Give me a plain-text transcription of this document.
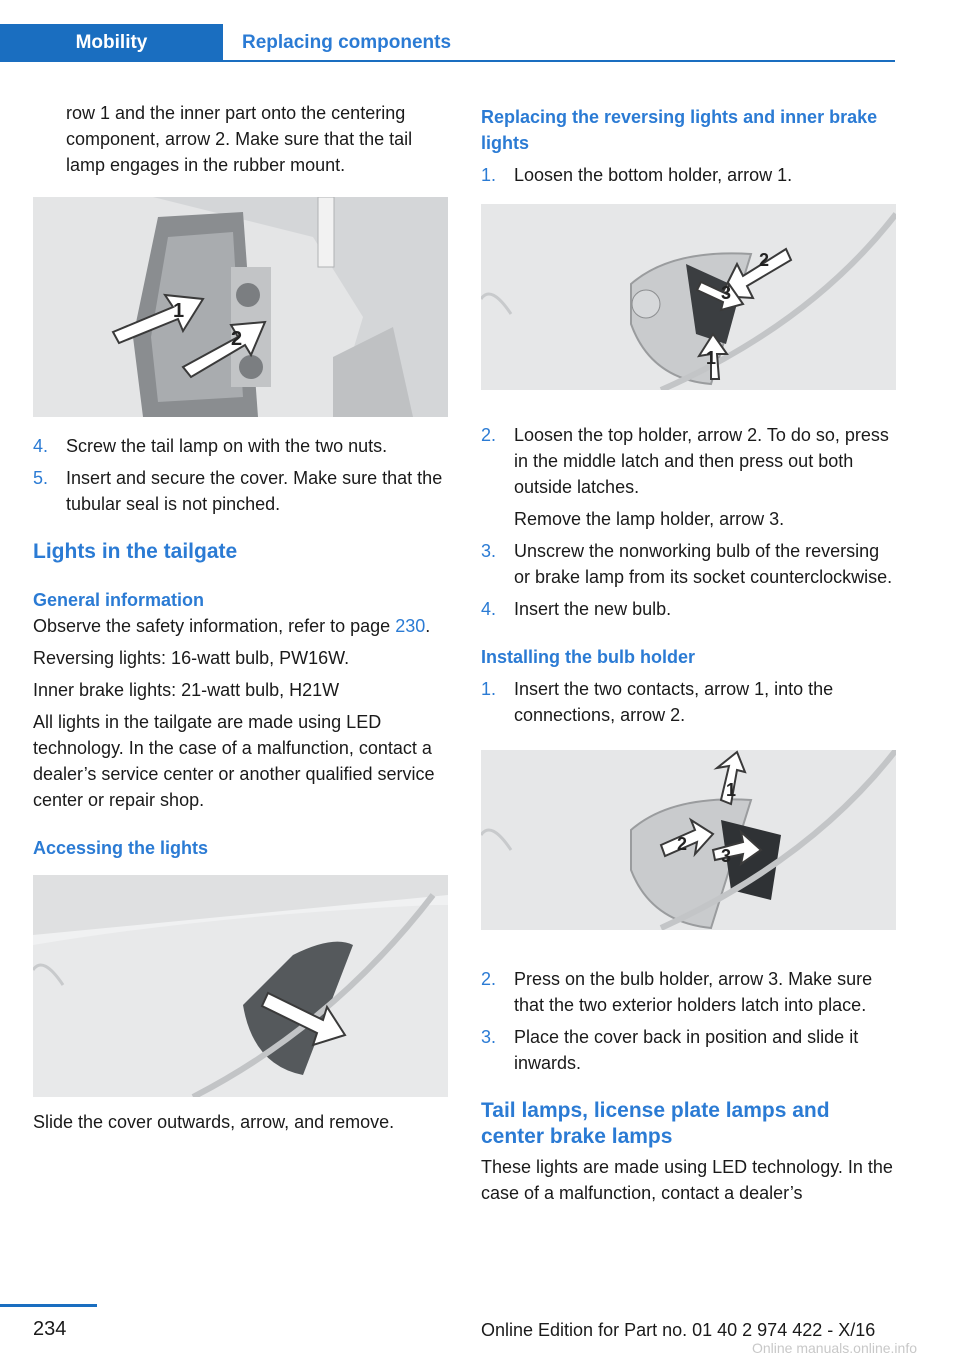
Mobility	Replacing components

row 1 and the inner part onto the centering component, arrow 2. Make sure that the tail lamp engages in the rubber mount.

1
2
4. Screw the tail lamp on with the two nuts.
5. Insert and secure the cover. Make sure that the tubular seal is not pinched.
Lights in the tailgate
General information

Observe the safety information, refer to page 230.

Reversing lights: 16-watt bulb, PW16W.

Inner brake lights: 21-watt bulb, H21W

All lights in the tailgate are made using LED technology. In the case of a malfunction, contact a dealer’s service center or another qualified service center or repair shop.

Accessing the lights

Slide the cover outwards, arrow, and remove.

Replacing the reversing lights and inner brake lights
1. Loosen the bottom holder, arrow 1.
2
3
1
2. Loosen the top holder, arrow 2. To do so, press in the middle latch and then press out both outside latches.

Remove the lamp holder, arrow 3.

3. Unscrew the nonworking bulb of the reversing or brake lamp from its socket counterclockwise.
4. Insert the new bulb.
Installing the bulb holder
1. Insert the two contacts, arrow 1, into the connections, arrow 2.
1
2
3
2. Press on the bulb holder, arrow 3. Make sure that the two exterior holders latch into place.
3. Place the cover back in position and slide it inwards.
Tail lamps, license plate lamps and center brake lamps

These lights are made using LED technology. In the case of a malfunction, contact a dealer’s

234	Online Edition for Part no. 01 40 2 974 422 - X/16
Online manuals.online.info
